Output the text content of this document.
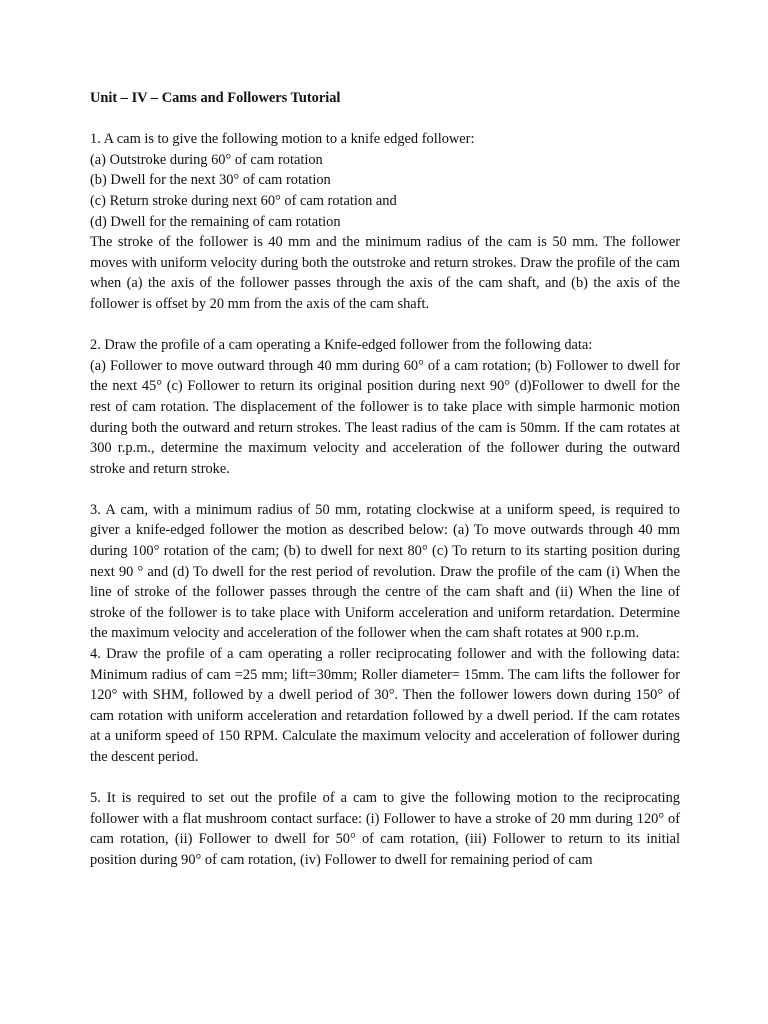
Unit – IV – Cams and Followers Tutorial
1. A cam is to give the following motion to a knife edged follower:
(a) Outstroke during 60° of cam rotation
(b) Dwell for the next 30° of cam rotation
(c) Return stroke during next 60° of cam rotation and
(d) Dwell for the remaining of cam rotation

The stroke of the follower is 40 mm and the minimum radius of the cam is 50 mm. The follower moves with uniform velocity during both the outstroke and return strokes. Draw the profile of the cam when (a) the axis of the follower passes through the axis of the cam shaft, and (b) the axis of the follower is offset by 20 mm from the axis of the cam shaft.

2. Draw the profile of a cam operating a Knife-edged follower from the following data:

(a) Follower to move outward through 40 mm during 60° of a cam rotation; (b) Follower to dwell for the next 45° (c) Follower to return its original position during next 90° (d)Follower to dwell for the rest of cam rotation. The displacement of the follower is to take place with simple harmonic motion during both the outward and return strokes. The least radius of the cam is 50mm. If the cam rotates at 300 r.p.m., determine the maximum velocity and acceleration of the follower during the outward stroke and return stroke.

3. A cam, with a minimum radius of 50 mm, rotating clockwise at a uniform speed, is required to giver a knife-edged follower the motion as described below: (a) To move outwards through 40 mm during 100° rotation of the cam; (b) to dwell for next 80° (c) To return to its starting position during next 90 ° and (d) To dwell for the rest period of revolution. Draw the profile of the cam (i) When the line of stroke of the follower passes through the centre of the cam shaft and (ii) When the line of stroke of the follower is to take place with Uniform acceleration and uniform retardation. Determine the maximum velocity and acceleration of the follower when the cam shaft rotates at 900 r.p.m.

4. Draw the profile of a cam operating a roller reciprocating follower and with the following data: Minimum radius of cam =25 mm; lift=30mm; Roller diameter= 15mm. The cam lifts the follower for 120° with SHM, followed by a dwell period of 30°. Then the follower lowers down during 150° of cam rotation with uniform acceleration and retardation followed by a dwell period. If the cam rotates at a uniform speed of 150 RPM. Calculate the maximum velocity and acceleration of follower during the descent period.

5. It is required to set out the profile of a cam to give the following motion to the reciprocating follower with a flat mushroom contact surface: (i) Follower to have a stroke of 20 mm during 120° of cam rotation, (ii) Follower to dwell for 50° of cam rotation, (iii) Follower to return to its initial position during 90° of cam rotation, (iv) Follower to dwell for remaining period of cam
